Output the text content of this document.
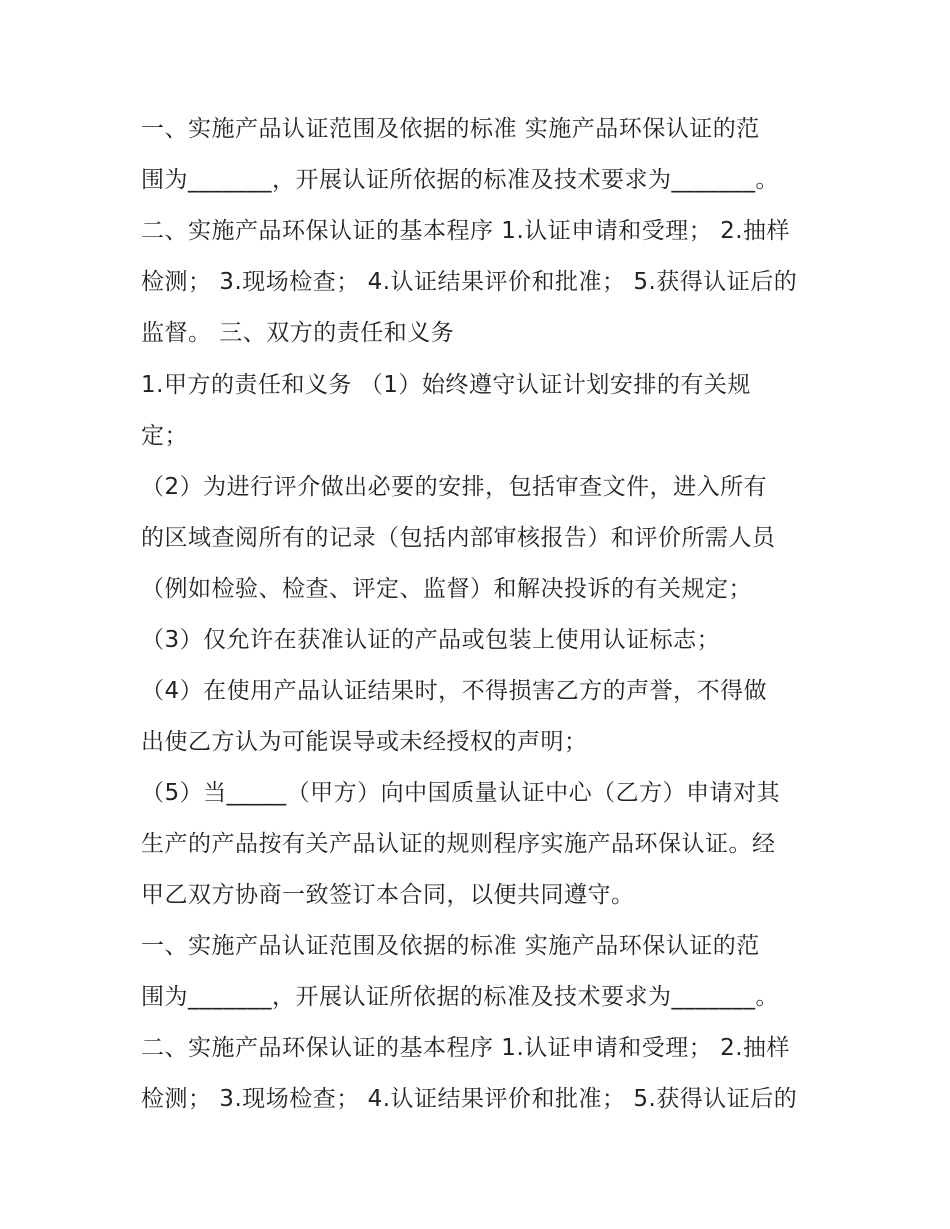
一、实施产品认证范围及依据的标准 实施产品环保认证的范
围为_______，开展认证所依据的标准及技术要求为_______。
二、实施产品环保认证的基本程序 1.认证申请和受理； 2.抽样
检测； 3.现场检查； 4.认证结果评价和批准； 5.获得认证后的
监督。 三、双方的责任和义务
1.甲方的责任和义务 （1）始终遵守认证计划安排的有关规
定；
（2）为进行评介做出必要的安排，包括审查文件，进入所有
的区域查阅所有的记录（包括内部审核报告）和评价所需人员
（例如检验、检查、评定、监督）和解决投诉的有关规定；
（3）仅允许在获准认证的产品或包装上使用认证标志；
（4）在使用产品认证结果时，不得损害乙方的声誉，不得做
出使乙方认为可能误导或未经授权的声明；
（5）当_____（甲方）向中国质量认证中心（乙方）申请对其
生产的产品按有关产品认证的规则程序实施产品环保认证。经
甲乙双方协商一致签订本合同，以便共同遵守。
一、实施产品认证范围及依据的标准 实施产品环保认证的范
围为_______，开展认证所依据的标准及技术要求为_______。
二、实施产品环保认证的基本程序 1.认证申请和受理； 2.抽样
检测； 3.现场检查； 4.认证结果评价和批准； 5.获得认证后的
